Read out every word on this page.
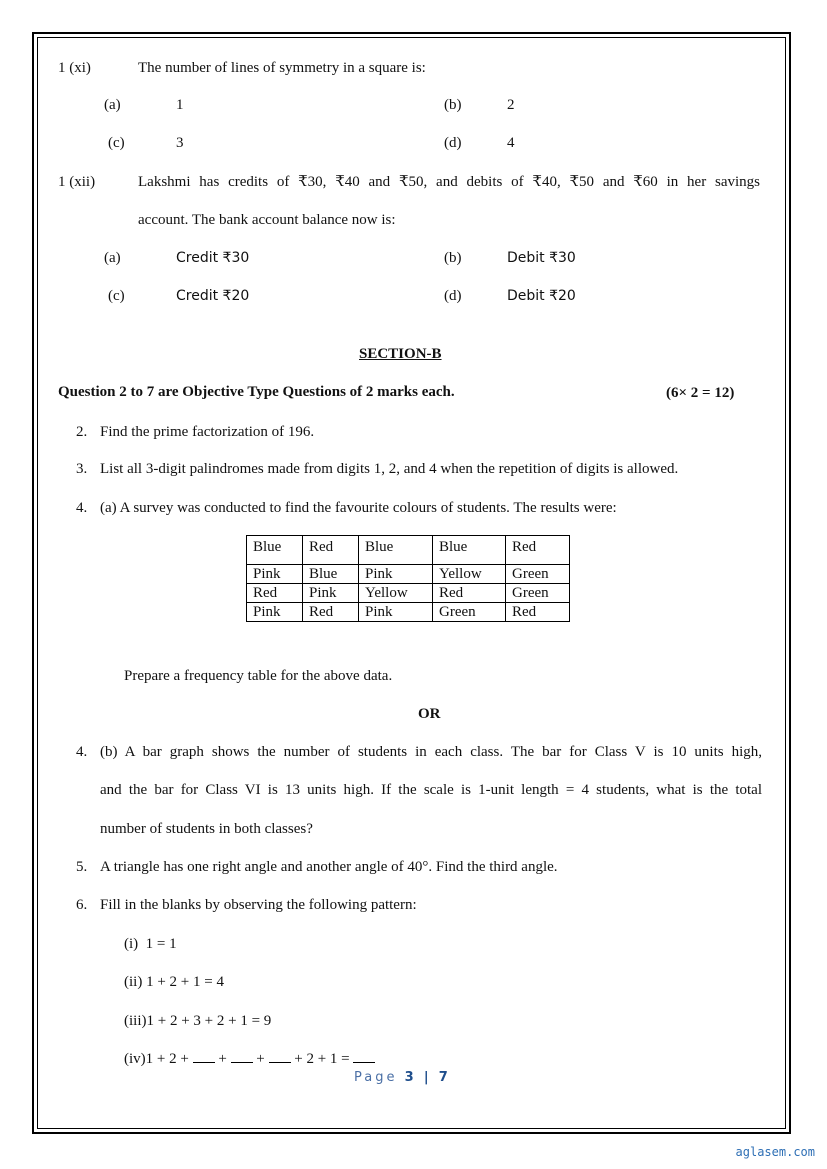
1 (xi)	The number of lines of symmetry in a square is:
(a)	1	(b)	2
(c)	3	(d)	4
1 (xii)	Lakshmi has credits of ₹30, ₹40 and ₹50, and debits of ₹40, ₹50 and ₹60 in her savings
account. The bank account balance now is:
(a)	Credit ₹30	(b)	Debit ₹30
(c)	Credit ₹20	(d)	Debit ₹20
SECTION-B
Question 2 to 7 are Objective Type Questions of 2 marks each.	(6× 2 = 12)
2. Find the prime factorization of 196.
3. List all 3-digit palindromes made from digits 1, 2, and 4 when the repetition of digits is allowed.
4. (a) A survey was conducted to find the favourite colours of students. The results were:
Blue	Red	Blue	Blue	Red
Pink	Blue	Pink	Yellow	Green
Red	Pink	Yellow	Red	Green
Pink	Red	Pink	Green	Red
Prepare a frequency table for the above data.
OR
4. (b) A bar graph shows the number of students in each class. The bar for Class V is 10 units high,
and the bar for Class VI is 13 units high. If the scale is 1-unit length = 4 students, what is the total
number of students in both classes?
5. A triangle has one right angle and another angle of 40°. Find the third angle.
6. Fill in the blanks by observing the following pattern:
(i)  1 = 1
(ii) 1 + 2 + 1 = 4
(iii)1 + 2 + 3 + 2 + 1 = 9
(iv)1 + 2 + + + + 2 + 1 =
Page 3 | 7
aglasem.com
